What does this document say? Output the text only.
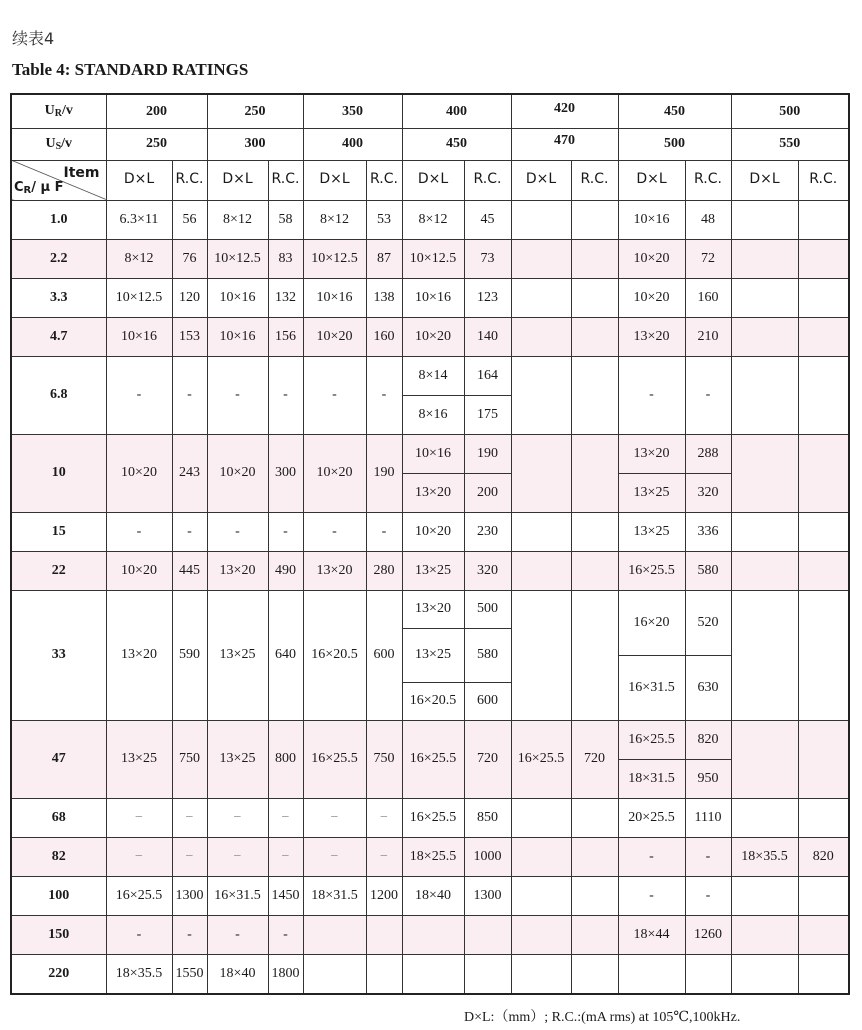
续表4
Table 4: STANDARD RATINGS
$U_R/v$	200		250		350		400		420		450		500	
$U_S/v$	250		300		400		450		470		500		550	

Item
$C_R/$ μ F	D×L	R.C.	D×L	R.C.	D×L	R.C.	D×L	R.C.	D×L	R.C.	D×L	R.C.	D×L	R.C.
1.0	6.3×11	56	8×12	58	8×12	53	8×12	45			10×16	48		
2.2	8×12	76	10×12.5	83	10×12.5	87	10×12.5	73			10×20	72		
3.3	10×12.5	120	10×16	132	10×16	138	10×16	123			10×20	160		
4.7	10×16	153	10×16	156	10×20	160	10×20	140			13×20	210		
6.8	-	-	-	-	-	-	8×14	164			-	-		
							8×16	175						
10	10×20	243	10×20	300	10×20	190	10×16	190			13×20	288		
							13×20	200			13×25	320		
15	-	-	-	-	-	-	10×20	230			13×25	336		
22	10×20	445	13×20	490	13×20	280	13×25	320			16×25.5	580		
33	13×20	590	13×25	640	16×20.5	600	13×20	500			16×20	520		

							13×25	580						
											16×31.5	630		
							16×20.5	600						

47	13×25	750	13×25	800	16×25.5	750	16×25.5	720	16×25.5	720	16×25.5	820		
											18×31.5	950		
68	−	−	−	−	−	−	16×25.5	850			20×25.5	1110		
82	−	−	−	−	−	−	18×25.5	1000			-	-	18×35.5	820
100	16×25.5	1300	16×31.5	1450	18×31.5	1200	18×40	1300			-	-		
150	-	-	-	-							18×44	1260		
220	18×35.5	1550	18×40	1800										
D×L:（mm）; R.C.:(mA rms) at 105℃,100kHz.
